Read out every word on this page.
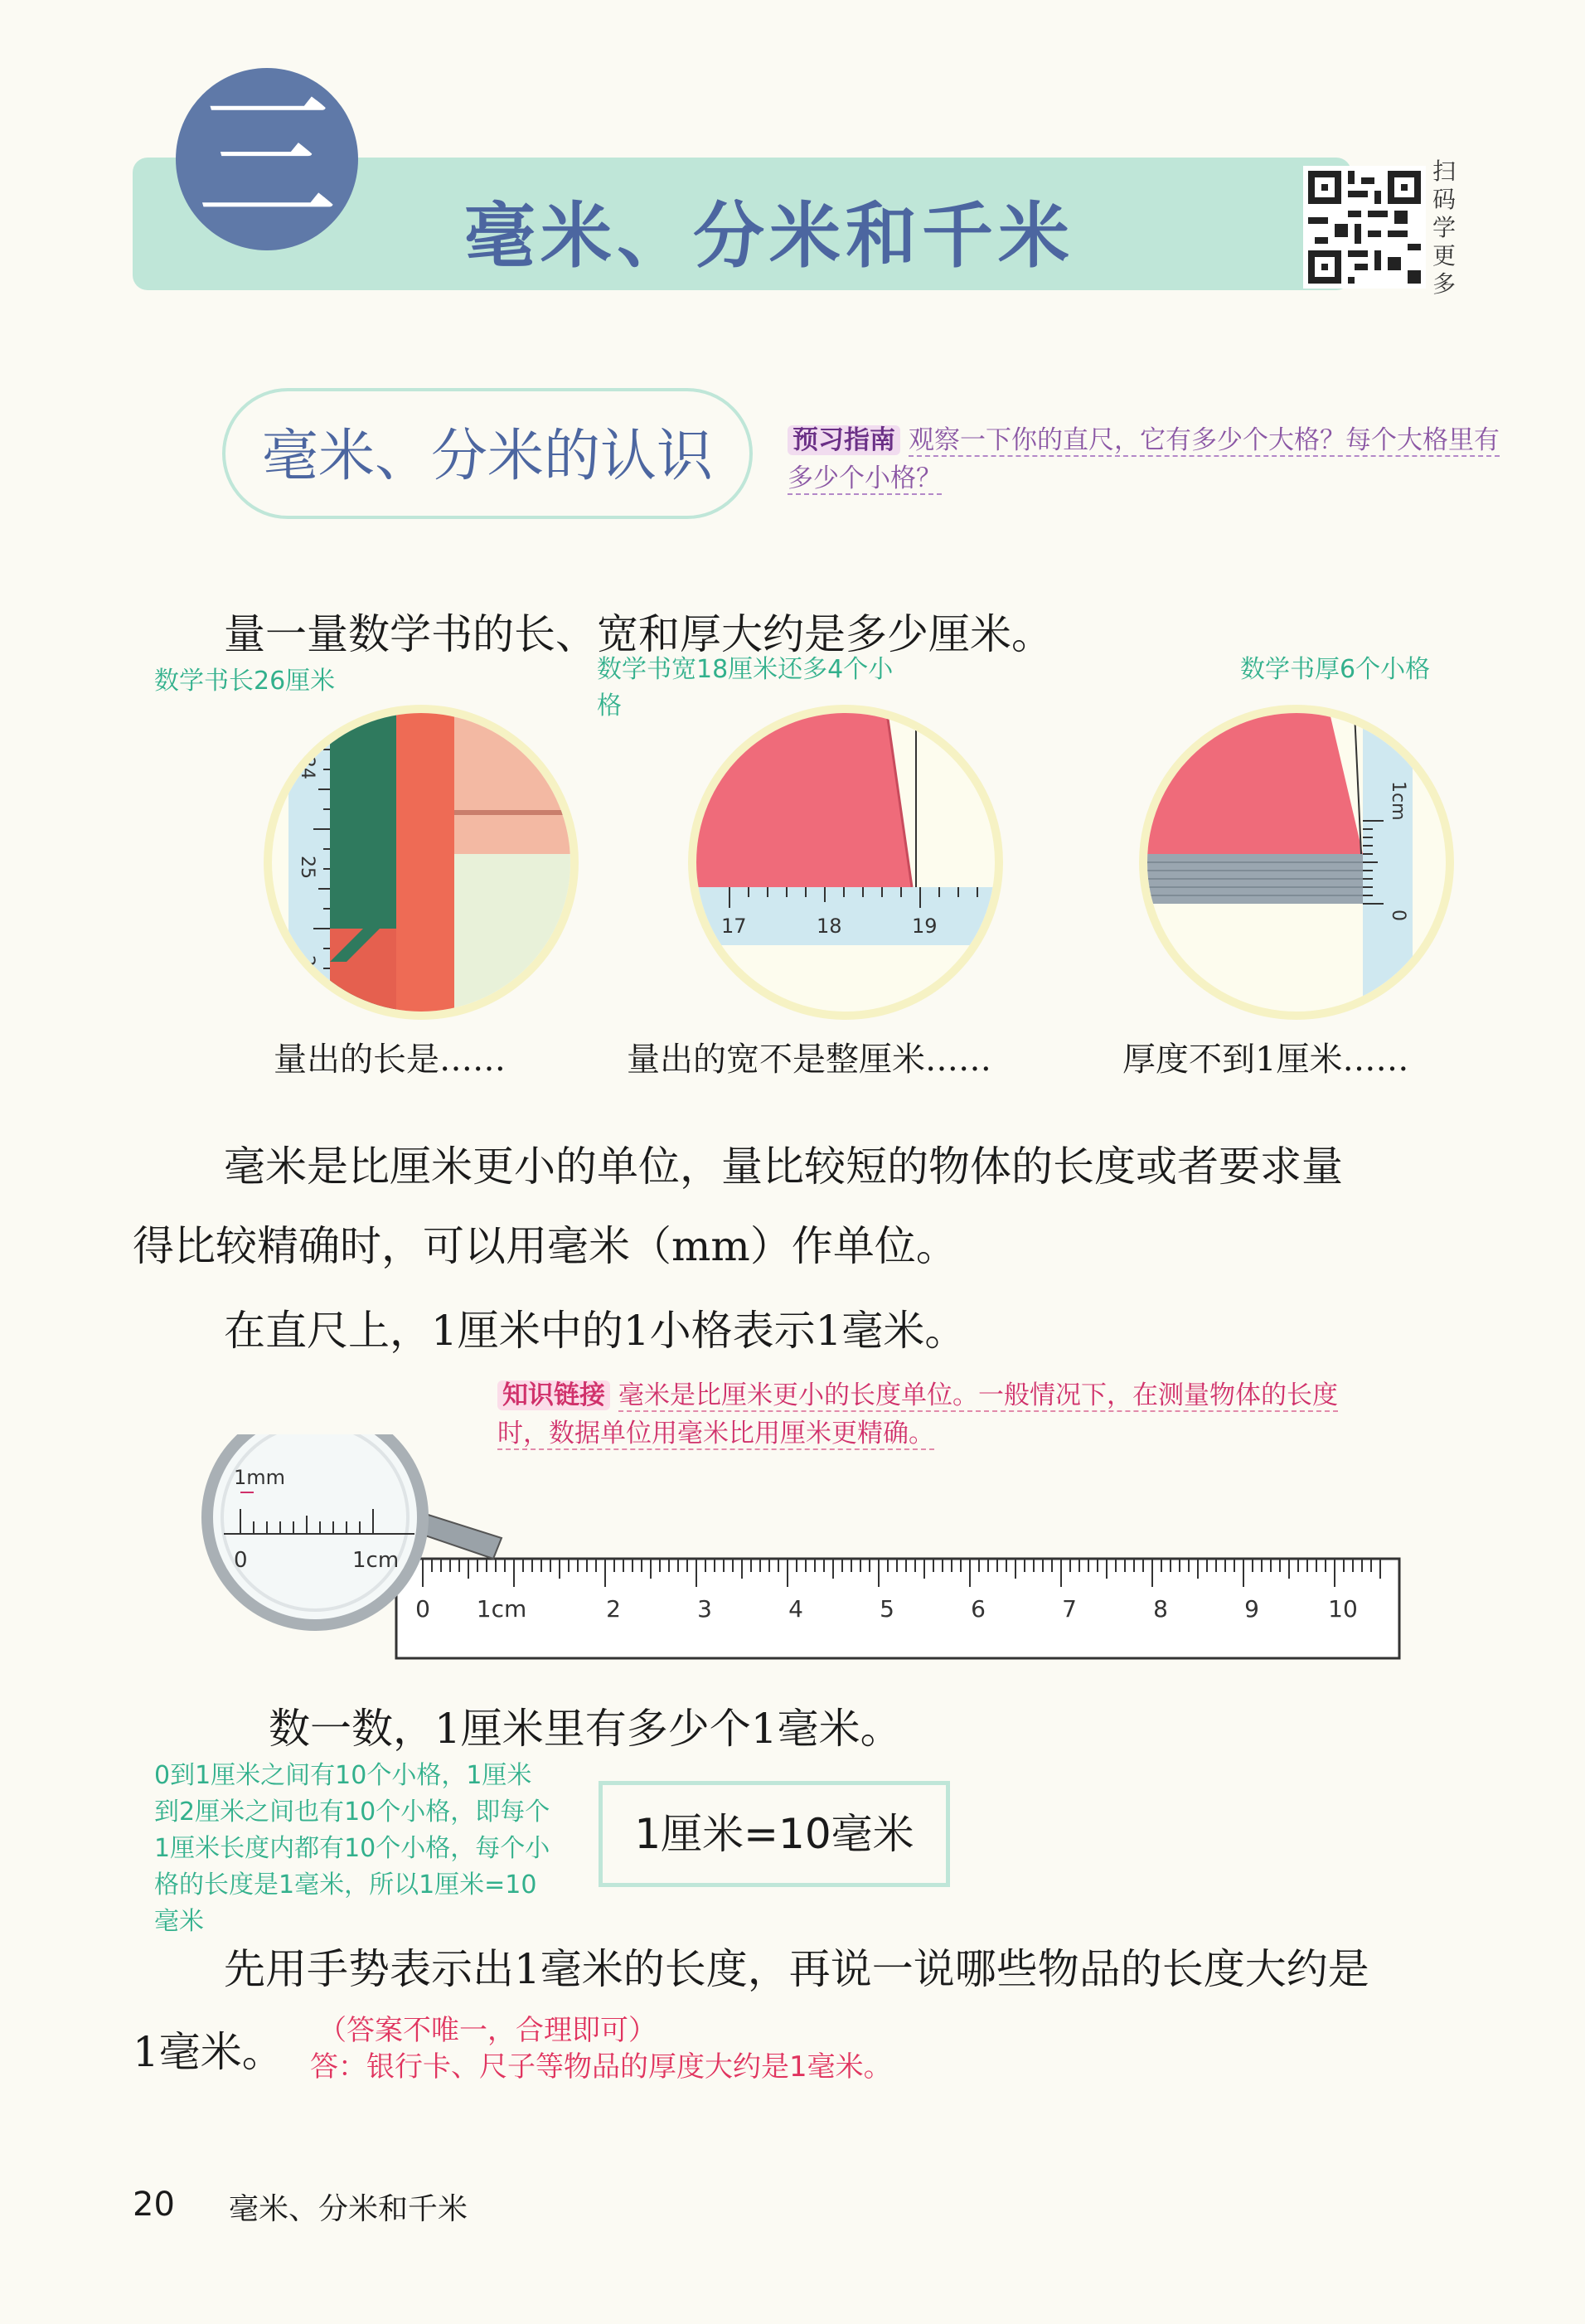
三 毫米、分米和千米
扫码学更多
毫米、分米的认识	预习指南 观察一下你的直尺，它有多少个大格？每个大格里有多少个小格？
量一量数学书的长、宽和厚大约是多少厘米。
数学书长26厘米	数学书宽18厘米还多4个小格
数学书厚6个小格
24
25
26
17	18	19
1cm
0
量出的长是……	量出的宽不是整厘米……	厚度不到1厘米……
毫米是比厘米更小的单位，量比较短的物体的长度或者要求量
得比较精确时，可以用毫米（mm）作单位。
在直尺上，1厘米中的1小格表示1毫米。
知识链接 毫米是比厘米更小的长度单位。一般情况下，在测量物体的长度时，数据单位用毫米比用厘米更精确。
0 1cm	2	3	4	5	6	7	8	9	10
1mm
0	1cm
数一数，1厘米里有多少个1毫米。
0到1厘米之间有10个小格，1厘米到2厘米之间也有10个小格，即每个1厘米长度内都有10个小格，每个小格的长度是1毫米，所以1厘米=10毫米
1厘米=10毫米
先用手势表示出1毫米的长度，再说一说哪些物品的长度大约是
1毫米。	（答案不唯一，合理即可）
答：银行卡、尺子等物品的厚度大约是1毫米。
20 毫米、分米和千米
